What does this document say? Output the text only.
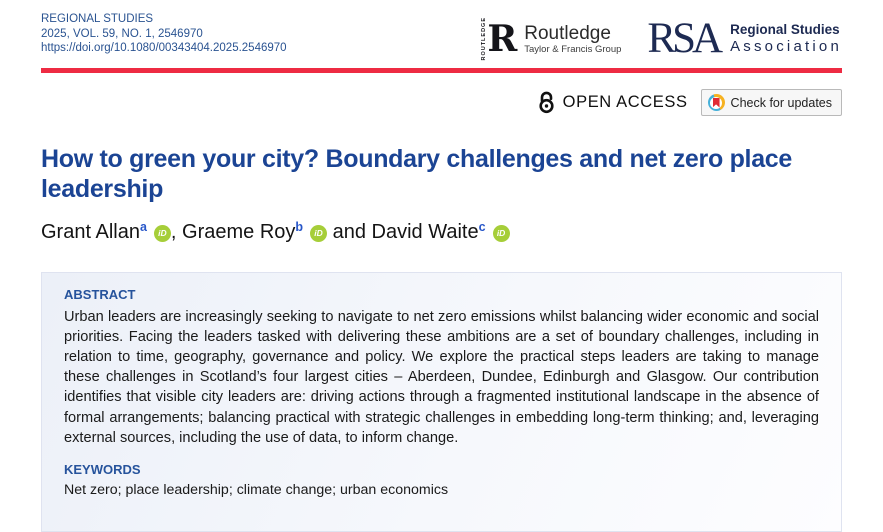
REGIONAL STUDIES
2025, VOL. 59, NO. 1, 2546970
https://doi.org/10.1080/00343404.2025.2546970	ROUTLEDGE R Routledge
Taylor & Francis Group RSA Regional Studies
Association
OPEN ACCESS	Check for updates
How to green your city? Boundary challenges and net zero place leadership
Grant Allan$^a$ iD , Graeme Roy$^b$ iD and David Waite$^c$ iD
ABSTRACT

Urban leaders are increasingly seeking to navigate to net zero emissions whilst balancing wider economic and social priorities. Facing the leaders tasked with delivering these ambitions are a set of boundary challenges, including in relation to time, geography, governance and policy. We explore the practical steps leaders are taking to manage these challenges in Scotland’s four largest cities – Aberdeen, Dundee, Edinburgh and Glasgow. Our contribution identifies that visible city leaders are: driving actions through a fragmented institutional landscape in the absence of formal arrangements; balancing practical with strategic challenges in embedding long-term thinking; and, leveraging external sources, including the use of data, to inform change.

KEYWORDS
Net zero; place leadership; climate change; urban economics
